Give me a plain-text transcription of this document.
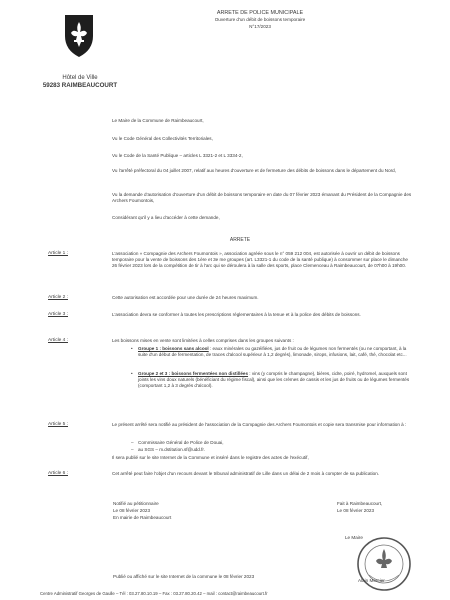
Hôtel de Ville
59283 RAIMBEAUCOURT
ARRETE DE POLICE MUNICIPALE
Ouverture d'un débit de boissons temporaire
N°17/2023
Le Maire de la Commune de Raimbeaucourt,
Vu le Code Général des Collectivités Territoriales,
Vu le Code de la Santé Publique – articles L 3321-2 et L 3334-2,
Vu l'arrêté préfectoral du 04 juillet 2007, relatif aux heures d'ouverture et de fermeture des débits de boissons dans le département du Nord,
Vu la demande d'autorisation d'ouverture d'un débit de boissons temporaire en date du 07 février 2023 émanant du Président de la Compagnie des Archers Foumontois,
Considérant qu'il y a lieu d'accéder à cette demande,
ARRETE
Article 1 :	L'association « Compagnie des Archers Foumontois », association agréée sous le n° 059 212 004, est autorisée à ouvrir un débit de boissons temporaire pour la vente de boissons des 1ère et 3e me groupes (art. L3321-1 du code de la santé publique) à consommer sur place le dimanche 26 février 2023 lors de la compétition de tir à l'arc qui se déroulera à la salle des sports, place Clemenceau à Raimbeaucourt, de 07h00 à 19h00.
Article 2 :	Cette autorisation est accordée pour une durée de 24 heures maximum.
Article 3 :	L'association devra se conformer à toutes les prescriptions réglementaires à la tenue et à la police des débits de boissons.
Article 4 :	Les boissons mises en vente sont limitées à celles comprises dans les groupes suivants :
• Groupe 1 : boissons sans alcool : eaux minérales ou gazéifiées, jus de fruit ou de légumes non fermentés (ou ne comportant, à la suite d'un début de fermentation, de traces d'alcool supérieur à 1,2 degrés), limonade, sirops, infusions, lait, café, thé, chocolat etc...
• Groupe 2 et 3 : boissons fermentées non distillées : vins (y compris le champagne), bières, cidre, poiré, hydromel, auxquels sont joints les vins doux naturels (bénéficiant du régime fiscal), ainsi que les crèmes de cassis et les jus de fruits ou de légumes fermentés (comportant 1,2 à 3 degrés d'alcool).
Article 5 :	Le présent arrêté sera notifié au président de l'association de la Compagnie des Archers Foumontois et copie sera transmise pour information à :
– Commissaire Général de Police de Douai,
– au SGS – m.dstitution.sf@udd.fr.
Il sera publié sur le site Internet de la Commune et inséré dans le registre des actes de l'exécutif,
Article 6 :	Cet arrêté peut faire l'objet d'un recours devant le tribunal administratif de Lille dans un délai de 2 mois à compter de sa publication.
Notifié au pétitionnaire
Le 08 février 2023
En mairie de Raimbeaucourt
Fait à Raimbeaucourt,
Le 08 février 2023
Le Maire
Alain Mercier
Publié ou affiché sur le site Internet de la commune le 08 février 2023
Centre Administratif Georges de Gaulle – Tél : 03.27.80.10.19 – Fax : 03.27.80.20.42 – mail : contact@raimbeaucourt.fr
